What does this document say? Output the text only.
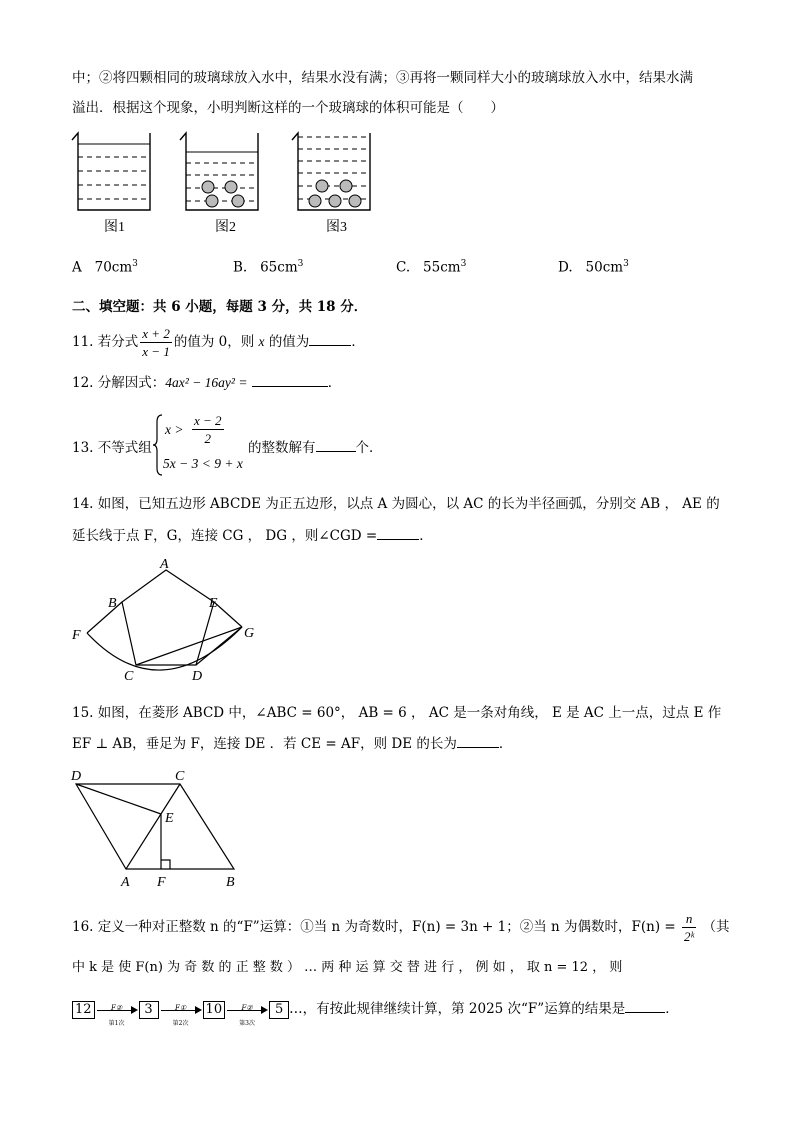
中；②将四颗相同的玻璃球放入水中，结果水没有满；③再将一颗同样大小的玻璃球放入水中，结果水满
溢出．根据这个现象，小明判断这样的一个玻璃球的体积可能是（　　）
图1	图2	图3
A $70cm^3$	B.   $65cm^3$	C.   $55cm^3$	D.   $50cm^3$
二、填空题：共 6 小题，每题 3 分，共 18 分．
11. 若分式 $\frac{x + 2}{x - 1}$ 的值为 0，则 x 的值为	．
12. 分解因式：4ax² − 16ay² =	．
13. 不等式组
$x > \frac{x - 2}{2}$
5x − 3 < 9 + x
的整数解有	个．
14. 如图，已知五边形 ABCDE 为正五边形，以点 A 为圆心，以 AC 的长为半径画弧，分别交 AB ， AE 的
延长线于点 F，G，连接 CG ， DG ，则∠CGD =	．
A
B	E
F	G
C	D
15. 如图，在菱形 ABCD 中，∠ABC = 60°， AB = 6 ， AC 是一条对角线， E 是 AC 上一点，过点 E 作
EF ⊥ AB，垂足为 F，连接 DE ．若 CE = AF，则 DE 的长为	．
D	C
E
A F	B
16. 定义一种对正整数 n 的“F”运算：①当 n 为奇数时，F(n) = 3n + 1；②当 n 为偶数时，$F(n) = \frac{n}{\text{2ᵏ}}$ （其
中 k 是 使 F(n) 为 奇 数 的 正 整 数 ） … 两 种 运 算 交 替 进 行 ， 例 如 ， 取 n = 12 ， 则
12	F②
第1次
3	F①
第2次
10	F②
第3次
5 …，有按此规律继续计算，第 2025 次“F”运算的结果是	．
